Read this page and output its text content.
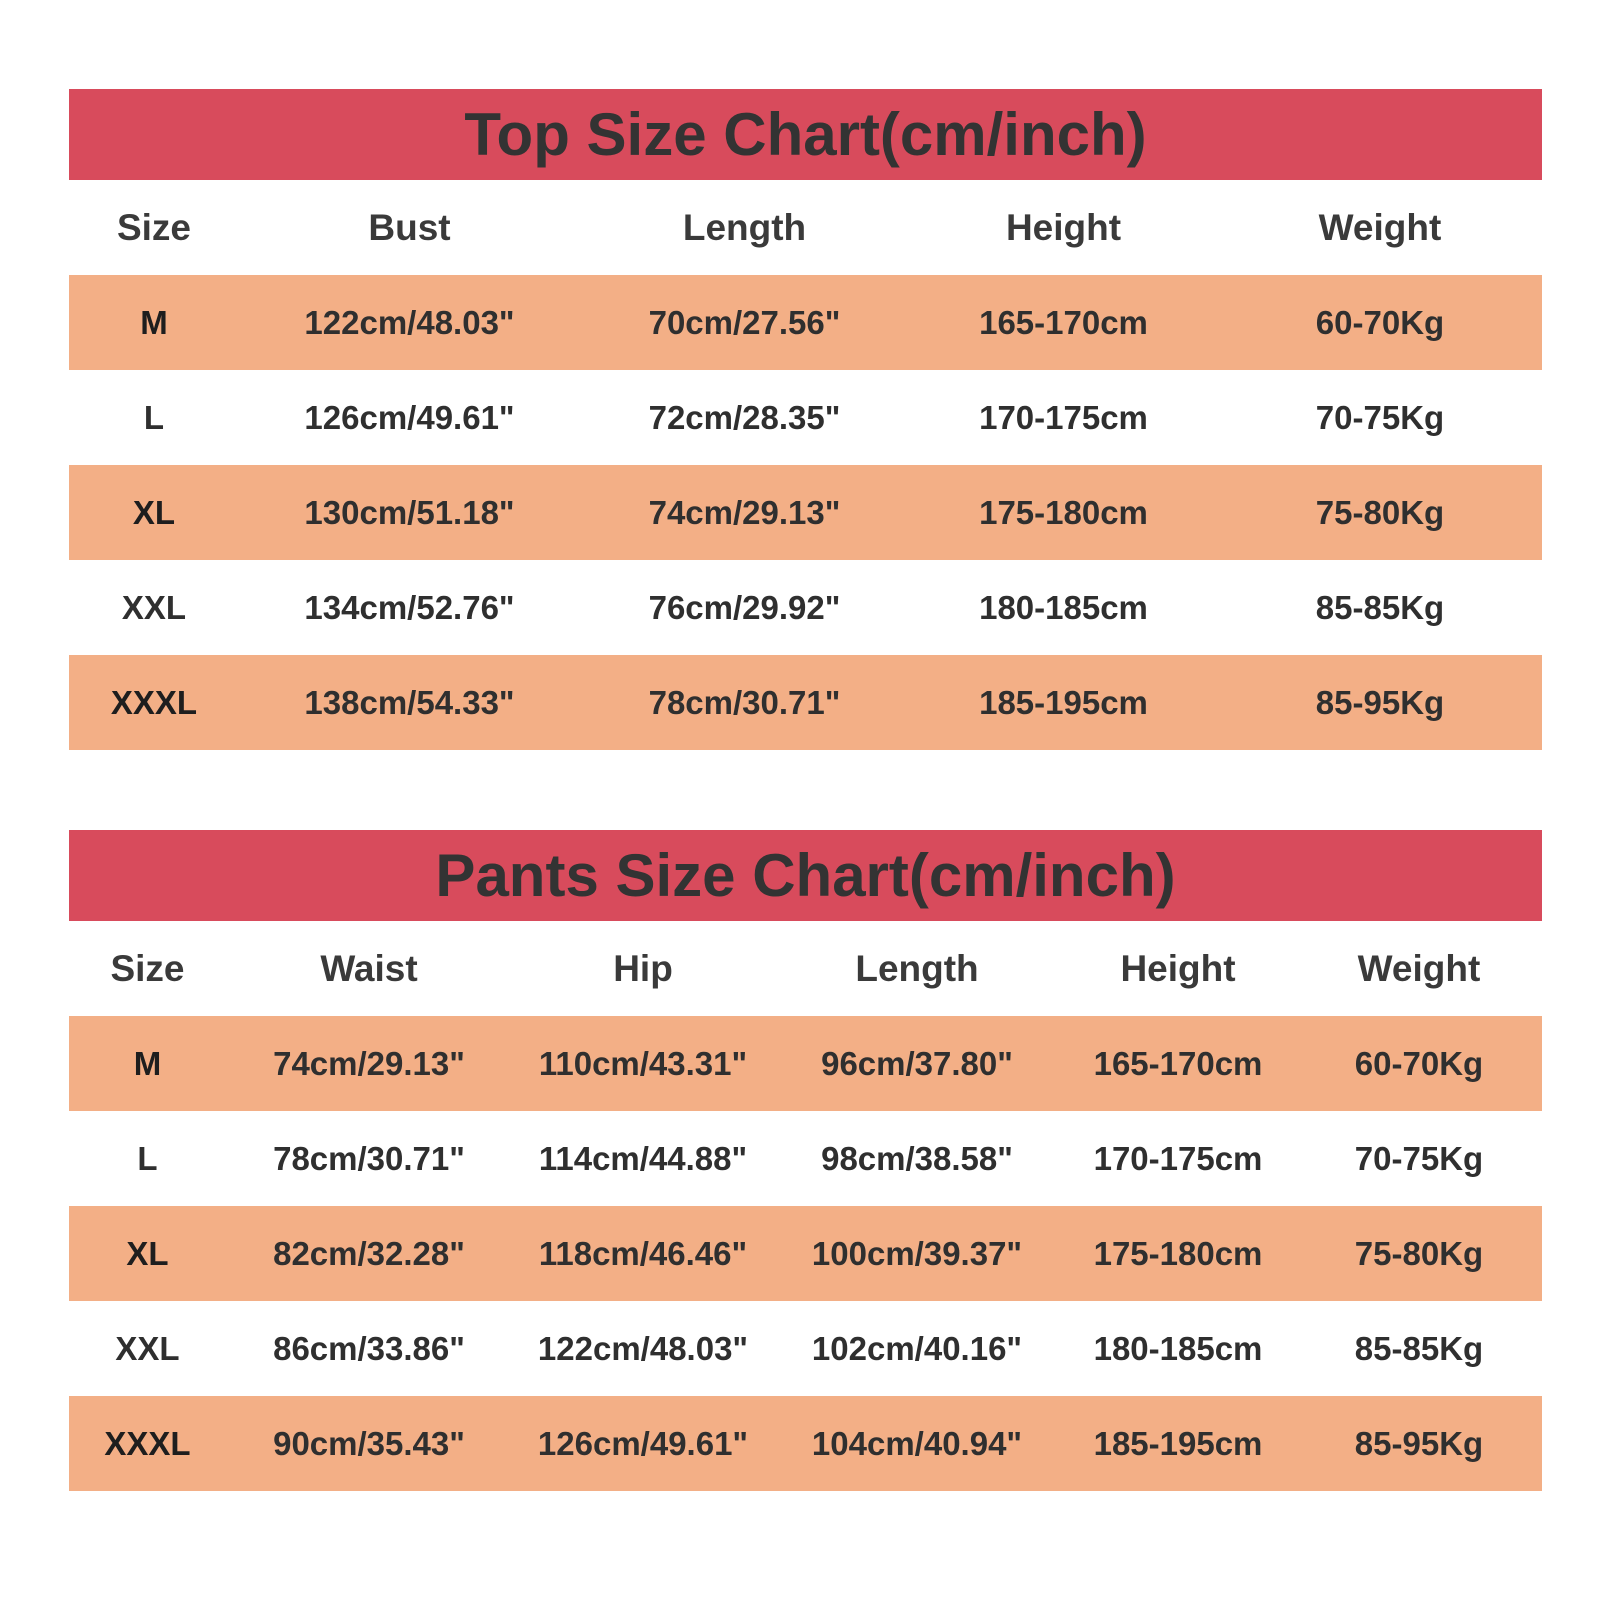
Top Size Chart(cm/inch)
Size	Bust	Length	Height	Weight
M	122cm/48.03"	70cm/27.56"	165-170cm	60-70Kg
L	126cm/49.61"	72cm/28.35"	170-175cm	70-75Kg
XL	130cm/51.18"	74cm/29.13"	175-180cm	75-80Kg
XXL	134cm/52.76"	76cm/29.92"	180-185cm	85-85Kg
XXXL	138cm/54.33"	78cm/30.71"	185-195cm	85-95Kg
Pants Size Chart(cm/inch)
Size	Waist	Hip	Length	Height	Weight
M	74cm/29.13"	110cm/43.31"	96cm/37.80"	165-170cm	60-70Kg
L	78cm/30.71"	114cm/44.88"	98cm/38.58"	170-175cm	70-75Kg
XL	82cm/32.28"	118cm/46.46"	100cm/39.37"	175-180cm	75-80Kg
XXL	86cm/33.86"	122cm/48.03"	102cm/40.16"	180-185cm	85-85Kg
XXXL	90cm/35.43"	126cm/49.61"	104cm/40.94"	185-195cm	85-95Kg
